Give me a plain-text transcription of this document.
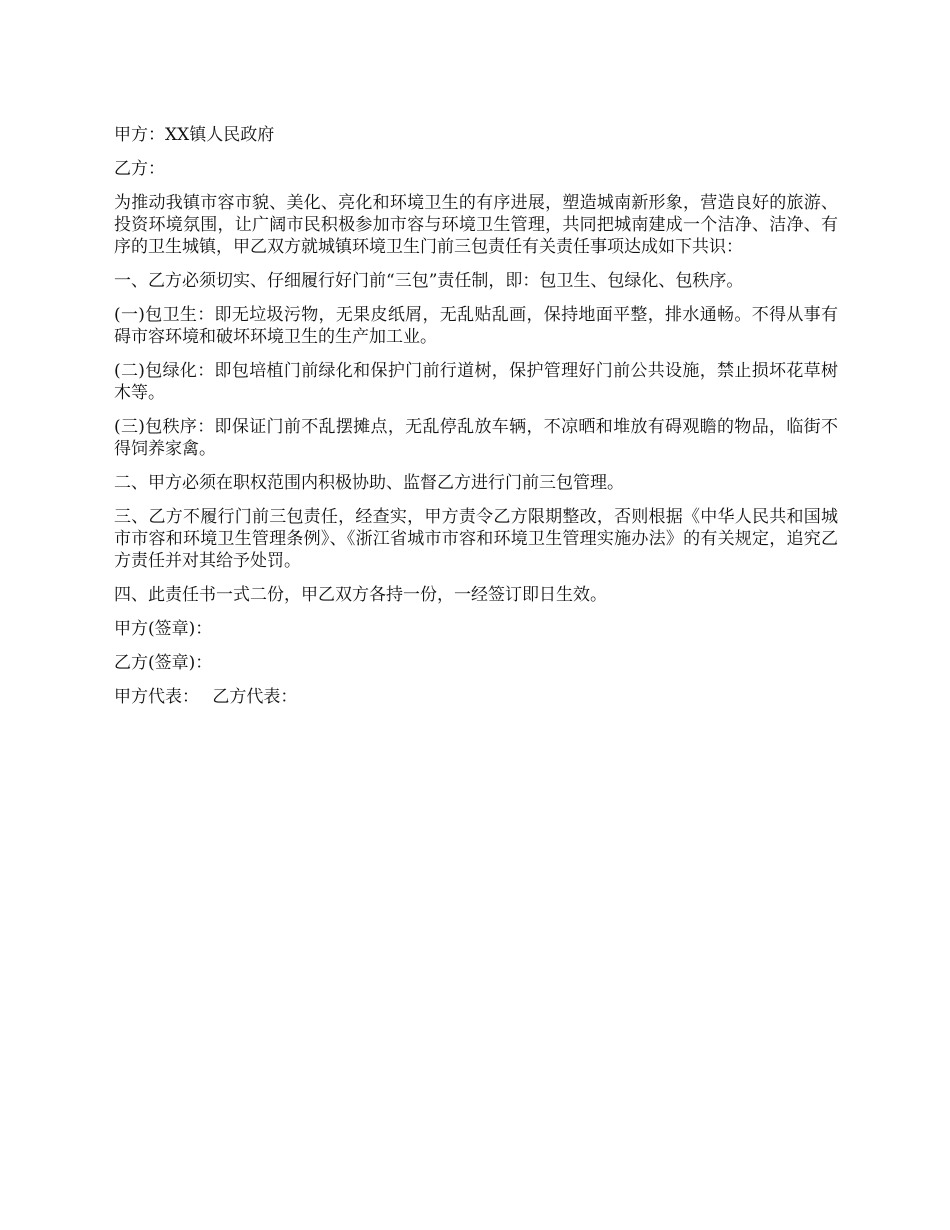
甲方：XX镇人民政府

乙方：

为推动我镇市容市貌、美化、亮化和环境卫生的有序进展，塑造城南新形象，营造良好的旅游、投资环境氛围，让广阔市民积极参加市容与环境卫生管理，共同把城南建成一个洁净、洁净、有序的卫生城镇，甲乙双方就城镇环境卫生门前三包责任有关责任事项达成如下共识：

一、乙方必须切实、仔细履行好门前“三包”责任制，即：包卫生、包绿化、包秩序。

(一)包卫生：即无垃圾污物，无果皮纸屑，无乱贴乱画，保持地面平整，排水通畅。不得从事有碍市容环境和破坏环境卫生的生产加工业。

(二)包绿化：即包培植门前绿化和保护门前行道树，保护管理好门前公共设施，禁止损坏花草树木等。

(三)包秩序：即保证门前不乱摆摊点，无乱停乱放车辆，不凉晒和堆放有碍观瞻的物品，临街不得饲养家禽。

二、甲方必须在职权范围内积极协助、监督乙方进行门前三包管理。

三、乙方不履行门前三包责任，经查实，甲方责令乙方限期整改，否则根据《中华人民共和国城市市容和环境卫生管理条例》、《浙江省城市市容和环境卫生管理实施办法》的有关规定，追究乙方责任并对其给予处罚。

四、此责任书一式二份，甲乙双方各持一份，一经签订即日生效。

甲方(签章)：

乙方(签章)：

甲方代表： 乙方代表：
